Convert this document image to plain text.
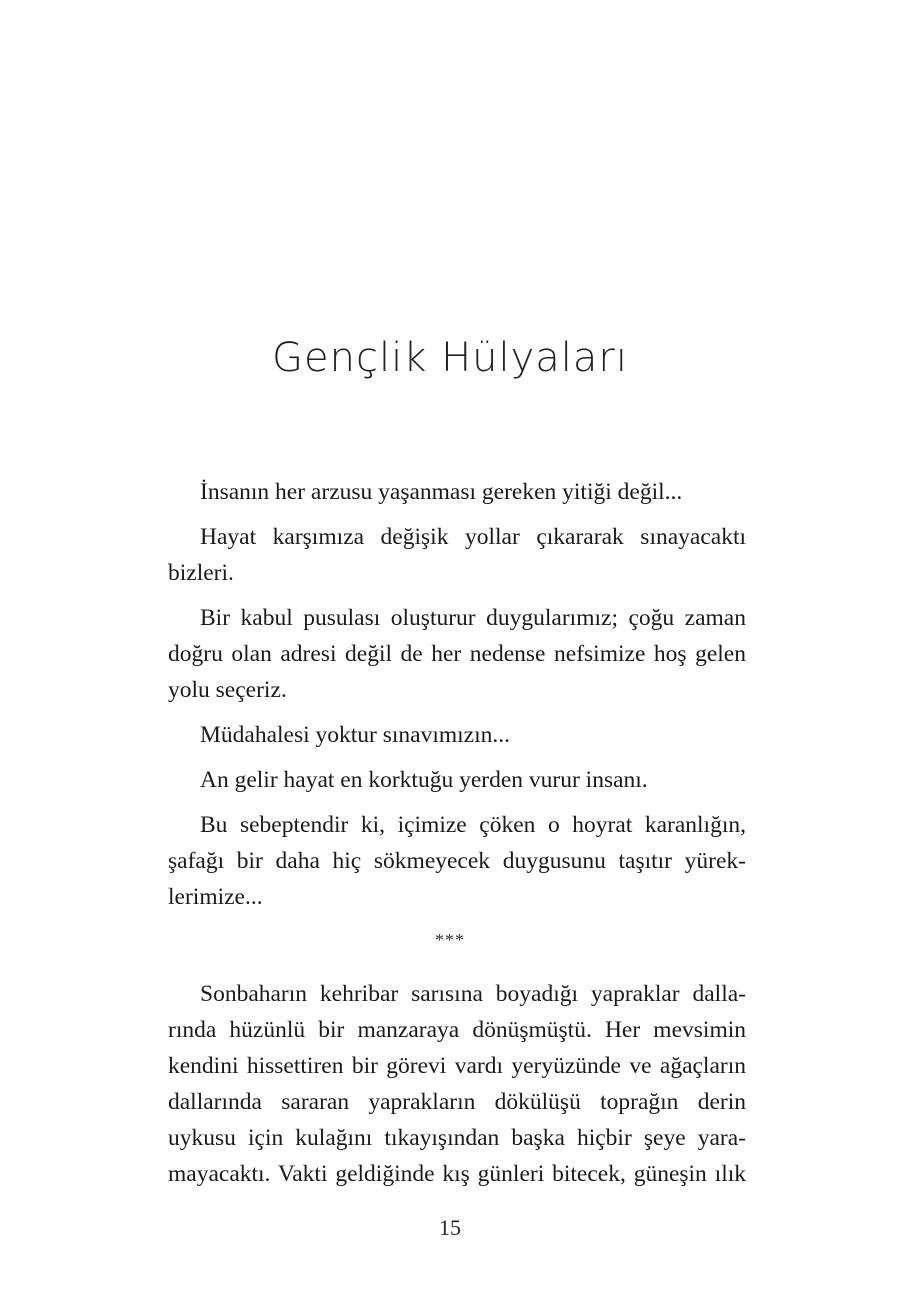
Gençlik Hülyaları
İnsanın her arzusu yaşanması gereken yitiği değil...
Hayat karşımıza değişik yollar çıkararak sınayacaktı
bizleri.
Bir kabul pusulası oluşturur duygularımız; çoğu zaman
doğru olan adresi değil de her nedense nefsimize hoş gelen
yolu seçeriz.
Müdahalesi yoktur sınavımızın...
An gelir hayat en korktuğu yerden vurur insanı.
Bu sebeptendir ki, içimize çöken o hoyrat karanlığın,
şafağı bir daha hiç sökmeyecek duygusunu taşıtır yürek-
lerimize...
***
Sonbaharın kehribar sarısına boyadığı yapraklar dalla-
rında hüzünlü bir manzaraya dönüşmüştü. Her mevsimin
kendini hissettiren bir görevi vardı yeryüzünde ve ağaçların
dallarında sararan yaprakların dökülüşü toprağın derin
uykusu için kulağını tıkayışından başka hiçbir şeye yara-
mayacaktı. Vakti geldiğinde kış günleri bitecek, güneşin ılık
15
